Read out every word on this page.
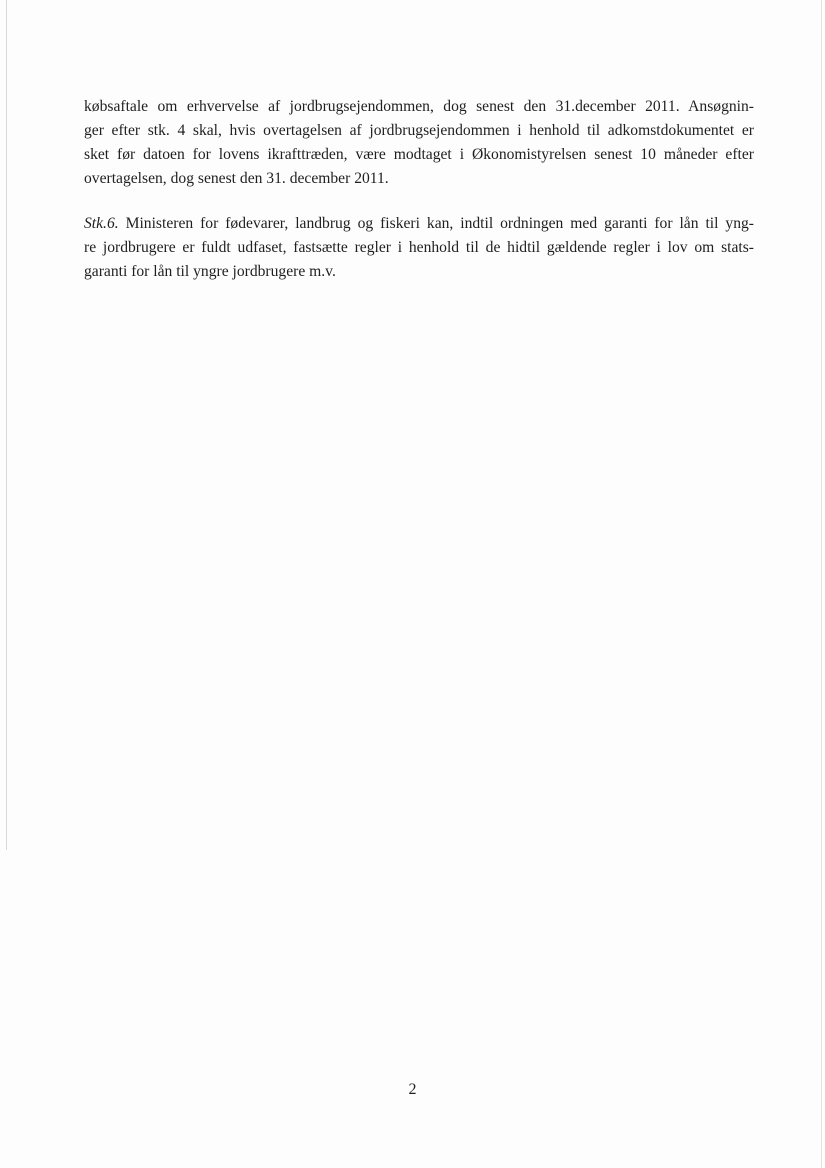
købsaftale om erhvervelse af jordbrugsejendommen, dog senest den 31.december 2011. Ansøgnin-
ger efter stk. 4 skal, hvis overtagelsen af jordbrugsejendommen i henhold til adkomstdokumentet er
sket før datoen for lovens ikrafttræden, være modtaget i Økonomistyrelsen senest 10 måneder efter
overtagelsen, dog senest den 31. december 2011.
Stk.6. Ministeren for fødevarer, landbrug og fiskeri kan, indtil ordningen med garanti for lån til yng-
re jordbrugere er fuldt udfaset, fastsætte regler i henhold til de hidtil gældende regler i lov om stats-
garanti for lån til yngre jordbrugere m.v.
2
